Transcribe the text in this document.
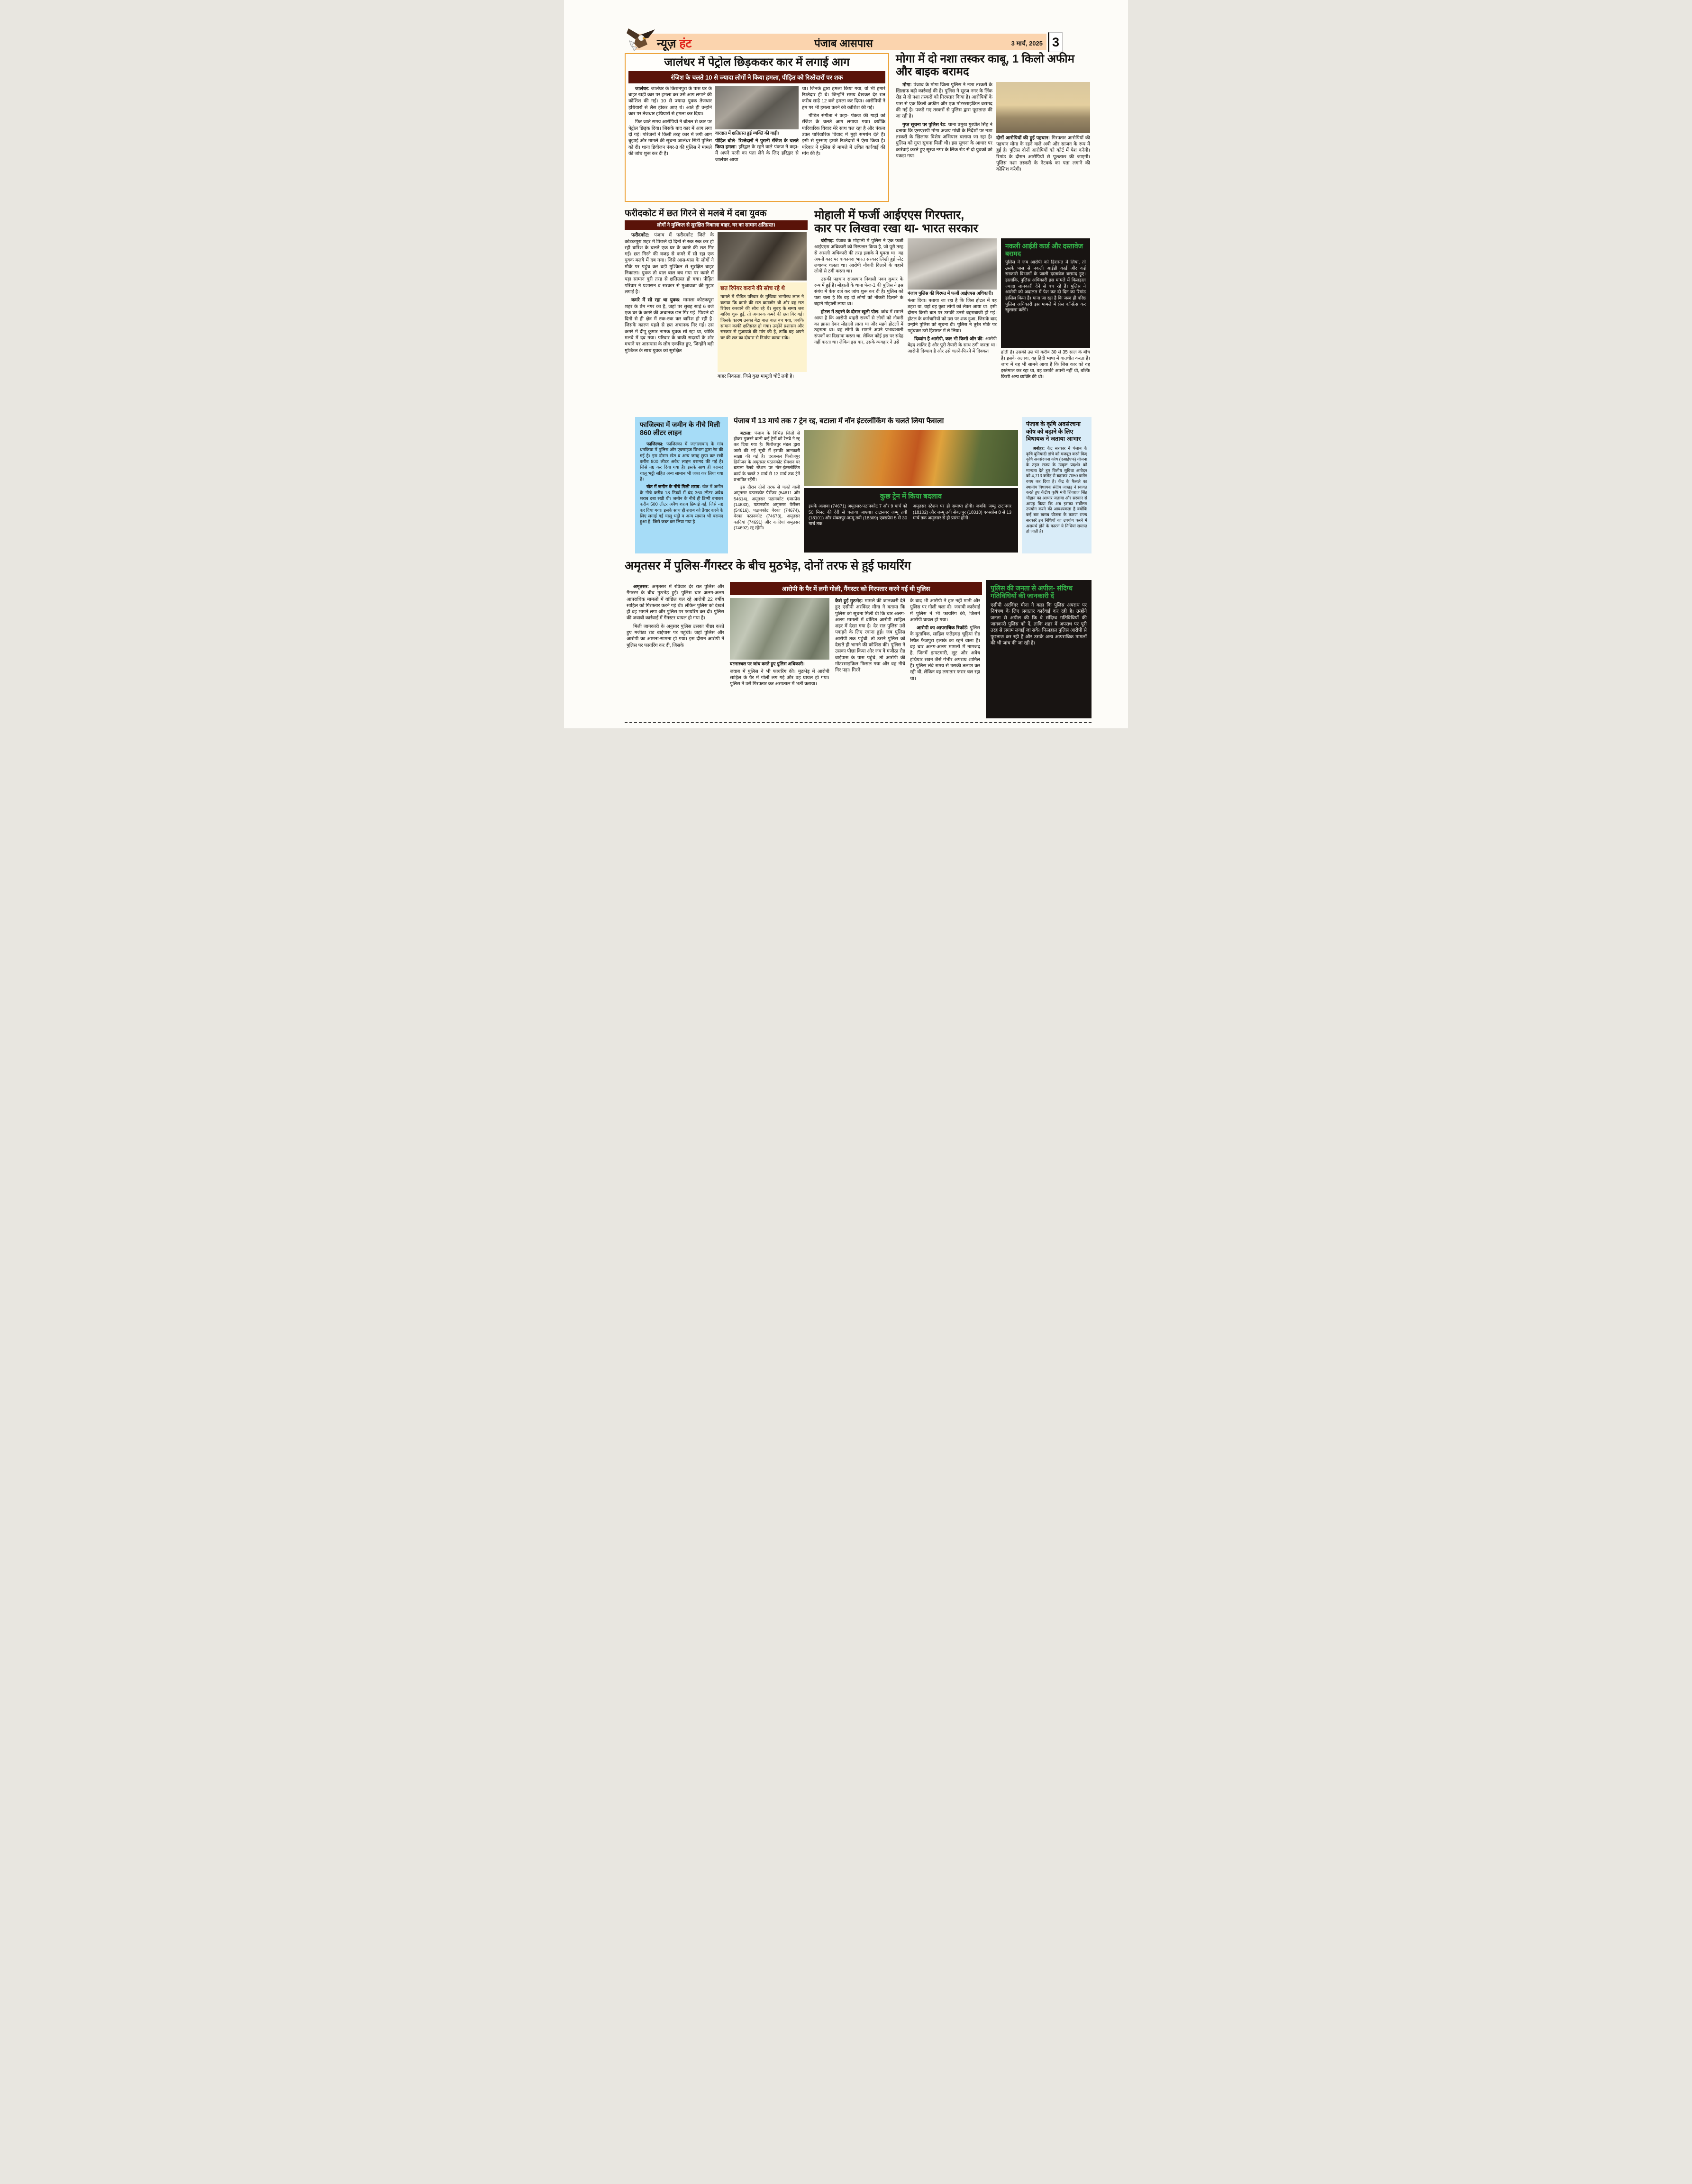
न्यूज़ हंट	पंजाब आसपास	3 मार्च, 2025 3
जालंधर में पेट्रोल छिड़ककर कार में लगाई आग
रंजिश के चलते 10 से ज्यादा लोगों ने किया हमला, पीड़ित को रिश्तेदारों पर शक

जालंधर: जालंधर के किशनपुरा के पास घर के बाहर खड़ी कार पर हमला कर उसे आग लगाने की कोशिश की गई। 10 से ज्यादा युवक तेजधार हथियारों से लैस होकर आए थे। आते ही उन्होंने कार पर तेजधार हथियारों से हमला कर दिया।

फिर जाते समय आरोपियों ने बोतल से कार पर पेट्रोल छिड़क दिया। जिसके बाद कार में आग लगा दी गई। परिजनों ने किसी तरह कार में लगी आग बुझाई और मामले की सूचना जालंधर सिटी पुलिस को दी। थाना डिवीजन नंबर-8 की पुलिस ने मामले की जांच शुरू कर दी है।

वारदात में क्षतिग्रस्त हुई व्यक्ति की गाड़ी।

पीड़ित बोले- रिश्तेदारों ने पुरानी रंजिश के चलते किया हमला: हरिद्वार के रहने वाले पंकज ने कहा- मैं अपने पत्नी का पता लेने के लिए हरिद्वार से जालंधर आया

था। जिनके द्वारा हमला किया गया, वो भी हमारे रिश्तेदार ही थे। जिन्होंने समय देखकर देर रात करीब साढ़े 12 बजे हमला कर दिया। आरोपियों ने हम पर भी हमला करने की कोशिश की गई।

पीड़ित संगीता ने कहा- पंकज की गाड़ी को रंजिश के चलते आग लगाया गया। क्योंकि पारिवारिक विवाद मेरे साथ चल रहा है और पंकज उक्त पारिवारिक विवाद में मुझे समर्थन देते हैं। इसी से गुस्साए हमारे रिश्तेदारों ने ऐसा किया है। परिवार ने पुलिस से मामले में उचित कार्रवाई की मांग की है।

मोगा में दो नशा तस्कर काबू, 1 किलो अफीम और बाइक बरामद

मोगा: पंजाब के मोगा जिला पुलिस ने नशा तस्करी के खिलाफ बड़ी कार्रवाई की है। पुलिस ने सूरज नगर के लिंक रोड से दो नशा तस्करों को गिरफ्तार किया है। आरोपियों के पास से एक किलो अफीम और एक मोटरसाइकिल बरामद की गई है। पकड़े गए तस्करों से पुलिस द्वारा पूछताछ की जा रही है।

गुप्त सूचना पर पुलिस रेड: थाना प्रमुख गुरप्रीत सिंह ने बताया कि एसएसपी मोगा अजय गांधी के निर्देशों पर नशा तस्करों के खिलाफ विशेष अभियान चलाया जा रहा है। पुलिस को गुप्त सूचना मिली थी। इस सूचना के आधार पर कार्रवाई करते हुए सूरज नगर के लिंक रोड से दो युवकों को पकड़ा गया।

दोनों आरोपियों की हुई पहचान: गिरफ्तार आरोपियों की पहचान मोगा के रहने वाले अबी और साजन के रूप में हुई है। पुलिस दोनों आरोपियों को कोर्ट में पेश करेगी। रिमांड के दौरान आरोपियों से पूछताछ की जाएगी। पुलिस नशा तस्करी के नेटवर्क का पता लगाने की कोशिश करेगी।

फरीदकोट में छत गिरने से मलबे में दबा युवक
लोगों ने मुश्किल से सुरक्षित निकाला बाहर, घर का सामान क्षतिग्रस्त।

फरीदकोट: पंजाब में फरीदकोट जिले के कोटकपूरा शहर में पिछले दो दिनों से रुक रुक कर हो रही बारिश के चलते एक घर के कमरे की छत गिर गई। छत गिरने की वजह से कमरे में सो रहा एक युवक मलबे में दब गया। जिसे आस-पास के लोगों ने मौके पर पहुंच कर बड़ी मुश्किल से सुरक्षित बाहर निकाला। युवक तो बाल बाल बच गया पर कमरे में पड़ा सामान बुरी तरह से क्षतिग्रस्त हो गया। पीड़ित परिवार ने प्रशासन व सरकार से मुआवजा की गुहार लगाई है।

कमरे में सो रहा था युवक: मामला कोटकपूरा शहर के प्रेम नगर का है, जहां पर सुबह साढ़े 6 बजे एक घर के कमरे की अचानक छत गिर गई। पिछले दो दिनों से ही क्षेत्र में रुक-रुक कर बारिश हो रही है। जिसके कारण पहले से छत अचानक गिर गई। उस कमरे में दीपू कुमार नामक युवक सो रहा था, जोकि मलबे में दब गया। परिवार के बाकी सदस्यों के शोर मचाने पर आसपास के लोग एकत्रित हुए, जिन्होंने बड़ी मुश्किल के साथ युवक को सुरक्षित

छत रिपेयर कराने की सोच रहे थे
मामले में पीड़ित परिवार के मुखिया भागीरथ लाल ने बताया कि कमरे की छत कमजोर थी और वह छत रिपेयर करवाने की सोच रहे थे। सुबह के समय जब बारिश शुरू हुई, तो अचानक कमरे की छत गिर गई। जिसके कारण उनका बेटा बाल बाल बच गया, जबकि सामान काफी क्षतिग्रस्त हो गया। उन्होंने प्रशासन और सरकार से मुआवजे की मांग की है, ताकि वह अपने घर की छत का दोबारा से निर्माण करवा सके।

बाहर निकाला, जिसे कुछ मामूली चोटें लगी है।

मोहाली में फर्जी आईएएस गिरफ्तार,
कार पर लिखवा रखा था- भारत सरकार

चंडीगढ़: पंजाब के मोहाली में पुलिस ने एक फर्जी आईएएस अधिकारी को गिरफ्तार किया है, जो पूरी तरह से असली अधिकारी की तरह इलाके में घूमता था। वह अपनी कार पर बाकायदा भारत सरकार लिखी हुई प्लेट लगाकर चलता था। आरोपी नौकरी दिलाने के बहाने लोगों से ठगी करता था।

उसकी पहचान राजस्थान निवासी पवन कुमार के रूप में हुई है। मोहाली के थाना फेज-1 की पुलिस ने इस संबंध में केस दर्ज कर जांच शुरू कर दी है। पुलिस को पता चला है कि वह दो लोगों को नौकरी दिलाने के बहाने मोहाली लाया था।

होटल में ठहरने के दौरान खुली पोल: जांच में सामने आया है कि आरोपी बाहरी राज्यों से लोगों को नौकरी का झांसा देकर मोहाली लाता था और महंगे होटलों में ठहराता था। वह लोगों के सामने अपने प्रभावशाली संपर्कों का दिखावा करता था, लेकिन कोई इस पर संदेह नहीं करता था। लेकिन इस बार, उसके व्यवहार ने उसे

पंजाब पुलिस की गिरफ्त में फर्जी आईएएस अधिकारी।

फंसा दिया। बताया जा रहा है कि जिस होटल में वह ठहरा था, वहां वह कुछ लोगों को लेकर आया था। इसी दौरान किसी बात पर उसकी उनसे बहसबाजी हो गई। होटल के कर्मचारियों को उस पर शक हुआ, जिसके बाद उन्होंने पुलिस को सूचना दी। पुलिस ने तुरंत मौके पर पहुंचकर उसे हिरासत में ले लिया।

दिव्यांग है आरोपी, कार भी किसी और की: आरोपी बेहद शातिर है और पूरी तैयारी के साथ ठगी करता था। आरोपी दिव्यांग है और उसे चलने-फिरने में दिक्कत

नकली आईडी कार्ड और दस्तावेज बरामद
पुलिस ने जब आरोपी को हिरासत में लिया, तो उसके पास से नकली आईडी कार्ड और कई सरकारी विभागों के जाली दस्तावेज बरामद हुए। हालांकि, पुलिस अधिकारी इस मामले में फिलहाल ज्यादा जानकारी देने से बच रहे हैं। पुलिस ने आरोपी को अदालत में पेश कर दो दिन का रिमांड हासिल किया है। माना जा रहा है कि जल्द ही वरिष्ठ पुलिस अधिकारी इस मामले में प्रेस कॉन्फ्रेंस कर खुलासा करेंगे।
होती है। उसकी उम्र भी करीब 30 से 35 साल के बीच है। इसके अलावा, वह हिंदी भाषा में बातचीत करता है। जांच में यह भी सामने आया है कि जिस कार को वह इस्तेमाल कर रहा था, वह उसकी अपनी नहीं थी, बल्कि किसी अन्य व्यक्ति की थी।
फाजिल्का में जमीन के नीचे मिली 860 लीटर लाहन

फाजिल्का: फाजिल्का में जलालाबाद के गांव धनकिया में पुलिस और एक्साइज विभाग द्वारा रेड की गई है। इस दौरान खेत व अन्य जगह छुपा कर रखी करीब 800 लीटर अवैध लाहन बरामद की गई है। जिसे नष्ट कर दिया गया है। इसके साथ ही बरामद चालू भट्ठी सहित अन्य सामान भी जब्त कर लिया गया है।

खेत में जमीन के नीचे मिली शराब: खेत में जमीन के नीचे करीब 18 डिब्बों में बंद 360 लीटर अवैध शराब दबा रखी थी। जमीन के नीचे ही डिग्गी बनाकर करीब 500 लीटर अवैध शराब छिपाई गई, जिसे नष्ट कर दिया गया। इसके साथ ही शराब को तैयार करने के लिए लगाई गई चालू भट्ठी व अन्य सामान भी बरामद हुआ है, जिसे जब्त कर लिया गया है।

पंजाब में 13 मार्च तक 7 ट्रेन रद्द, बटाला में नॉन इंटरलॉकिंग के चलते लिया फैसला

बटाला: पंजाब के विभिन्न जिलों से होकर गुजरने वाली कई ट्रेनों को रेलवे ने रद्द कर दिया गया है। फिरोजपुर मंडल द्वारा जारी की गई सूची में इसकी जानकारी साझा की गई है। दरअसल फिरोजपुर डिवीजन के अमृतसर पठानकोट सेक्शन पर बटाला रेलवे स्टेशन पर नॉन-इंटरलॉकिंग कार्य के चलते 3 मार्च से 13 मार्च तक ट्रेनें प्रभावित रहेंगी।

इस दौरान दोनों तरफ से चलते वाली अमृतसर पठानकोट पैसेंजर (54611 और 54614), अमृतसर पठानकोट एक्सप्रेस (14633), पठानकोट अमृतसर पैसेंजर (54616), पठानकोट वेरका (74674), वेरका पठानकोट (74673), अमृतसर कादियां (74691) और कादियां अमृतसर (74692) रद्द रहेंगी।

कुछ ट्रेन में किया बदलाव
इसके अलावा (74671) अमृतसर-पठानकोट 7 और 9 मार्च को 50 मिनट की देरी से चलाया जाएगा। टाटानगर जम्मू तवी (18101) और संबलपुर-जम्मू तवी (18309) एक्सप्रेस 5 से 30 मार्च तक
अमृतसर स्टेशन पर ही समाप्त होंगी। जबकि जम्मू टाटानगर (18102) और जम्मू तवी सेबलपुर (18310) एक्सप्रेस 8 से 13 मार्च तक अमृतसर से ही प्रारंभ होंगी।
पंजाब के कृषि अवसंरचना कोष को बढ़ाने के लिए विधायक ने जताया आभार

अबोहर: केंद्र सरकार ने पंजाब के कृषि बुनियादी ढांचे को मजबूत करने किए कृषि अवसंरचना कोष (एआईएफ) योजना के तहत राज्य के उत्कृष्ट प्रदर्शन को मान्यता देते हुए वित्तीय सुविधा आवेदन को 4,713 करोड़ से बढ़ाकर 7050 करोड़ रुपए कर दिया है। केंद्र के फैसले का स्थानीय विधायक संदीप जाखड़ ने स्वागत करते हुए केंद्रीय कृषि मंत्री शिवराज सिंह चौहान का आभार जताया और सरकार से आग्रह किया कि अब इसका सर्वोत्तम उपयोग करने की आवश्यकता है क्योंकि कई बार खराब योजना के कारण राज्य सरकारें इन निधियों का उपयोग करने में असमर्थ होने के कारण ये निधियां समाप्त हो जाती है।

अमृतसर में पुलिस-गैंगस्टर के बीच मुठभेड़, दोनों तरफ से हुई फायरिंग

अमृतसर: अमृतसर में रविवार देर रात पुलिस और गैंगस्टर के बीच मुठभेड़ हुई। पुलिस चार अलग-अलग आपराधिक मामलों में वांछित चल रहे आरोपी 22 वर्षीय साहिल को गिरफ्तार करने गई थी। लेकिन पुलिस को देखते ही वह भागने लगा और पुलिस पर फायरिंग कर दी। पुलिस की जवाबी कार्रवाई में गैंगस्टर घायल हो गया है।

मिली जानकारी के अनुसार पुलिस उसका पीछा करते हुए मजीठा रोड बाईपास पर पहुंची। जहां पुलिस और आरोपी का आमना-सामना हो गया। इस दौरान आरोपी ने पुलिस पर फायरिंग कर दी, जिसके

आरोपी के पैर में लगी गोली, गैंगस्टर को गिरफ्तार करने गई थी पुलिस
घटनास्थल पर जांच करते हुए पुलिस अधिकारी।
जवाब में पुलिस ने भी फायरिंग की। मुठभेड़ में आरोपी साहिल के पैर में गोली लग गई और वह घायल हो गया। पुलिस ने उसे गिरफ्तार कर अस्पताल में भर्ती कराया।

कैसे हुई मुठभेड़: मामले की जानकारी देते हुए एसीपी अरविंदर मीना ने बताया कि पुलिस को सूचना मिली थी कि चार अलग-अलग मामलों में वांछित आरोपी साहिल शहर में देखा गया है। देर रात पुलिस उसे पकड़ने के लिए रवाना हुई। जब पुलिस आरोपी तक पहुंची, तो उसने पुलिस को देखते ही भागने की कोशिश की। पुलिस ने उसका पीछा किया और जब वे मजीठा रोड बाईपास के पास पहुंचे, तो आरोपी की मोटरसाइकिल फिसल गया और वह नीचे गिर पड़ा। गिरने

के बाद भी आरोपी ने हार नहीं मानी और पुलिस पर गोली चला दी। जवाबी कार्रवाई में पुलिस ने भी फायरिंग की, जिसमें आरोपी घायल हो गया।

आरोपी का आपराधिक रिकॉर्ड: पुलिस के मुताबिक, साहिल फतेहगढ़ चूड़ियां रोड स्थित फैजपुरा इलाके का रहने वाला है। वह चार अलग-अलग मामलों में नामजद है, जिनमें झपटमारी, लूट और अवैध हथियार रखने जैसे गंभीर अपराध शामिल हैं। पुलिस लंबे समय से उसकी तलाश कर रही थी, लेकिन वह लगातार फरार चल रहा था।

पुलिस की जनता से अपील- संदिग्ध गतिविधियों की जानकारी दें
एसीपी अरविंदर मीना ने कहा कि पुलिस अपराध पर नियंत्रण के लिए लगातार कार्रवाई कर रही है। उन्होंने जनता से अपील की कि वे संदिग्ध गतिविधियों की जानकारी पुलिस को दें, ताकि शहर में अपराध पर पूरी तरह से लगाम लगाई जा सके। फिलहाल पुलिस आरोपी से पूछताछ कर रही है और उसके अन्य आपराधिक मामलों की भी जांच की जा रही है।
